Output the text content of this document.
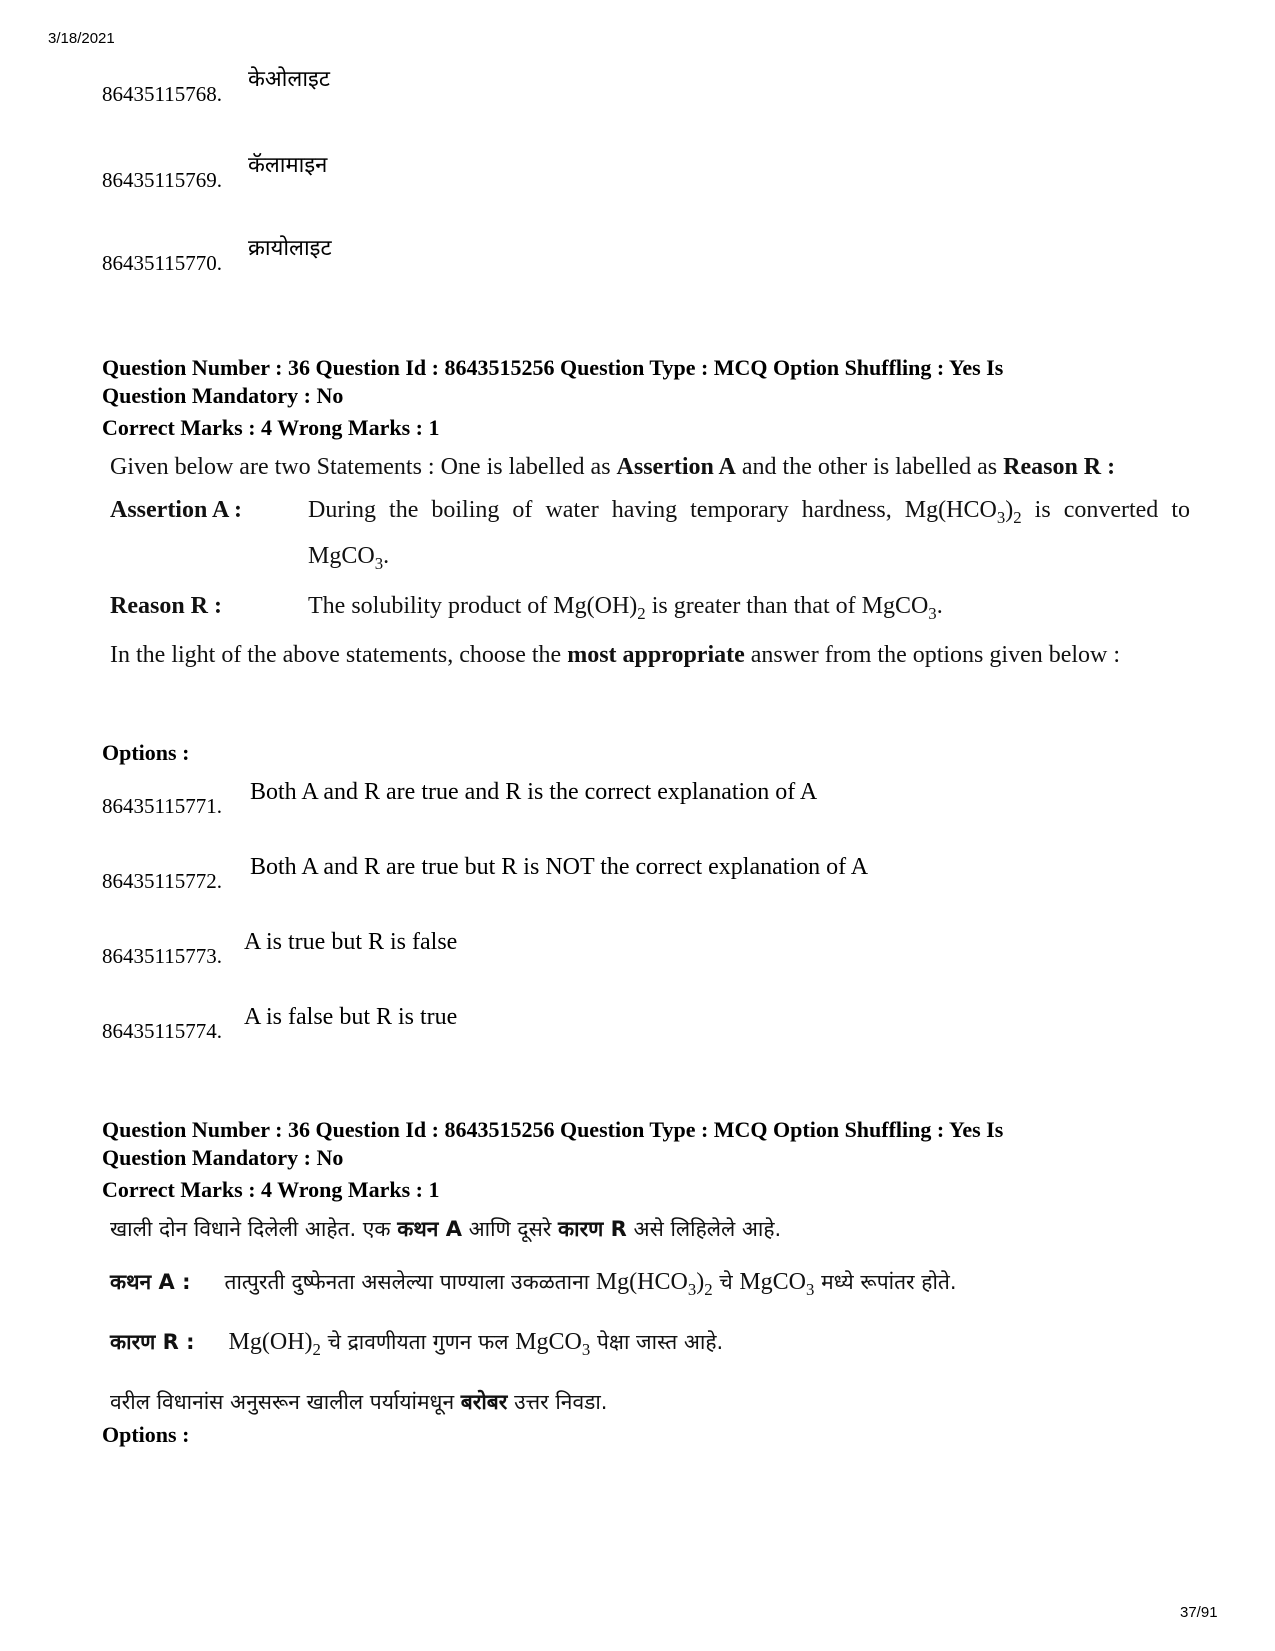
3/18/2021
86435115768.
केओलाइट
86435115769.
कॅलामाइन
86435115770.
क्रायोलाइट
Question Number : 36 Question Id : 8643515256 Question Type : MCQ Option Shuffling : Yes Is
Question Mandatory : No
Correct Marks : 4 Wrong Marks : 1
Given below are two Statements : One is labelled as Assertion A and the other is labelled as Reason R :
Assertion A :	During the boiling of water having temporary hardness, $Mg(HCO_3)_2$ is converted to MgCO$_3$.
Reason R :	The solubility product of $Mg(OH)_2$ is greater than that of MgCO$_3$.
In the light of the above statements, choose the most appropriate answer from the options given below :
Options :
86435115771.
Both A and R are true and R is the correct explanation of A
86435115772.
Both A and R are true but R is NOT the correct explanation of A
86435115773.
A is true but R is false
86435115774.
A is false but R is true
Question Number : 36 Question Id : 8643515256 Question Type : MCQ Option Shuffling : Yes Is
Question Mandatory : No
Correct Marks : 4 Wrong Marks : 1
खाली दोन विधाने दिलेली आहेत. एक कथन A आणि दूसरे कारण R असे लिहिलेले आहे.
कथन A : तात्पुरती दुष्फेनता असलेल्या पाण्याला उकळताना $Mg(HCO_3)_2$ चे MgCO$_3$ मध्ये रूपांतर होते.
कारण R : $Mg(OH)_2$ चे द्रावणीयता गुणन फल MgCO$_3$ पेक्षा जास्त आहे.
वरील विधानांस अनुसरून खालील पर्यायांमधून बरोबर उत्तर निवडा.
Options :
37/91
